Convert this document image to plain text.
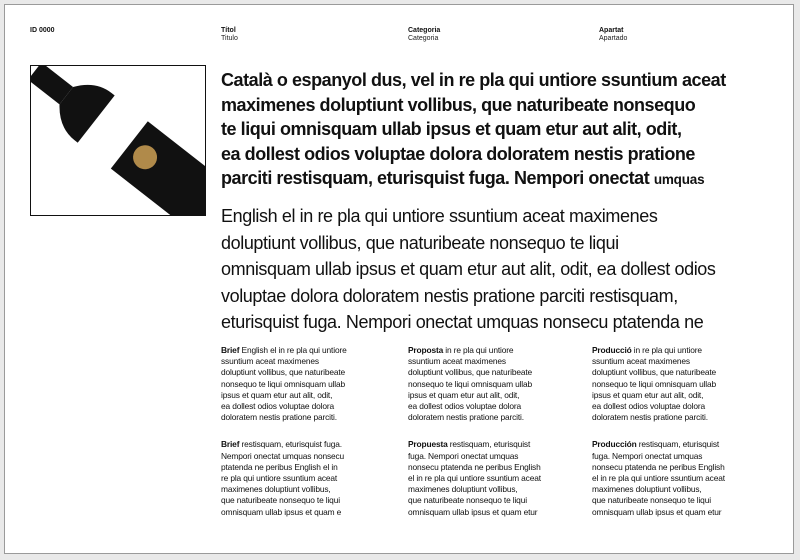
ID 0000	Títol
Titulo
Categoria
Categoria
Apartat
Apartado
Català o espanyol dus, vel in re pla qui untiore ssuntium aceat
maximenes doluptiunt vollibus, que naturibeate nonsequo
te liqui omnisquam ullab ipsus et quam etur aut alit, odit,
ea dollest odios voluptae dolora doloratem nestis pratione
parciti restisquam, eturisquist fuga. Nempori onectat umquas
English el in re pla qui untiore ssuntium aceat maximenes
doluptiunt vollibus, que naturibeate nonsequo te liqui
omnisquam ullab ipsus et quam etur aut alit, odit, ea dollest odios
voluptae dolora doloratem nestis pratione parciti restisquam,
eturisquist fuga. Nempori onectat umquas nonsecu ptatenda ne
Brief English el in re pla qui untiore
ssuntium aceat maximenes
doluptiunt vollibus, que naturibeate
nonsequo te liqui omnisquam ullab
ipsus et quam etur aut alit, odit,
ea dollest odios voluptae dolora
doloratem nestis pratione parciti.
Brief restisquam, eturisquist fuga.
Nempori onectat umquas nonsecu
ptatenda ne peribus English el in
re pla qui untiore ssuntium aceat
maximenes doluptiunt vollibus,
que naturibeate nonsequo te liqui
omnisquam ullab ipsus et quam e
Proposta in re pla qui untiore
ssuntium aceat maximenes
doluptiunt vollibus, que naturibeate
nonsequo te liqui omnisquam ullab
ipsus et quam etur aut alit, odit,
ea dollest odios voluptae dolora
doloratem nestis pratione parciti.
Propuesta restisquam, eturisquist
fuga. Nempori onectat umquas
nonsecu ptatenda ne peribus English
el in re pla qui untiore ssuntium aceat
maximenes doluptiunt vollibus,
que naturibeate nonsequo te liqui
omnisquam ullab ipsus et quam etur
Producció in re pla qui untiore
ssuntium aceat maximenes
doluptiunt vollibus, que naturibeate
nonsequo te liqui omnisquam ullab
ipsus et quam etur aut alit, odit,
ea dollest odios voluptae dolora
doloratem nestis pratione parciti.
Producción restisquam, eturisquist
fuga. Nempori onectat umquas
nonsecu ptatenda ne peribus English
el in re pla qui untiore ssuntium aceat
maximenes doluptiunt vollibus,
que naturibeate nonsequo te liqui
omnisquam ullab ipsus et quam etur
